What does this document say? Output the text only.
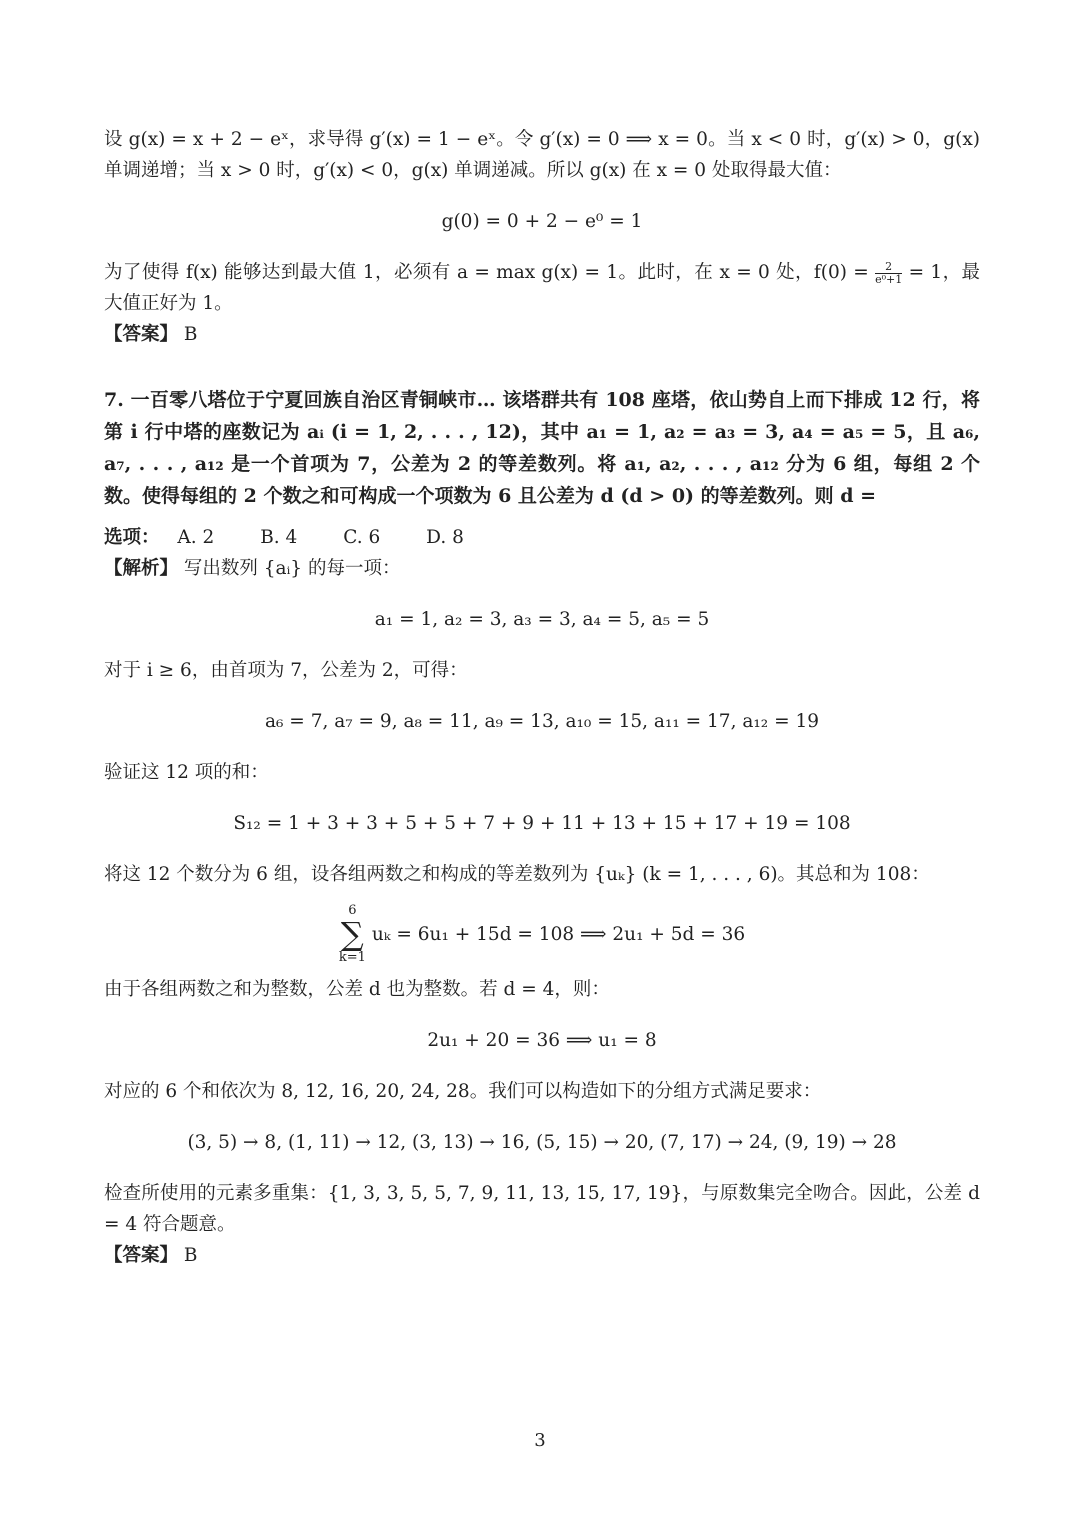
设 g(x) = x + 2 − eˣ，求导得 g′(x) = 1 − eˣ。令 g′(x) = 0 ⟹ x = 0。当 x < 0 时，g′(x) > 0，g(x) 单调递增；当 x > 0 时，g′(x) < 0，g(x) 单调递减。所以 g(x) 在 x = 0 处取得最大值：

g(0) = 0 + 2 − e⁰ = 1

为了使得 f(x) 能够达到最大值 1，必须有 a = max g(x) = 1。此时，在 x = 0 处，$f(0) = \frac{2}{\text{e⁰+1}} = 1$，最大值正好为 1。

【答案】 B

7. 一百零八塔位于宁夏回族自治区青铜峡市… 该塔群共有 108 座塔，依山势自上而下排成 12 行，将第 i 行中塔的座数记为 aᵢ (i = 1, 2, . . . , 12)，其中 a₁ = 1, a₂ = a₃ = 3, a₄ = a₅ = 5，且 a₆, a₇, . . . , a₁₂ 是一个首项为 7，公差为 2 的等差数列。将 a₁, a₂, . . . , a₁₂ 分为 6 组，每组 2 个数。使得每组的 2 个数之和可构成一个项数为 6 且公差为 d (d > 0) 的等差数列。则 d =

选项： A. 2 B. 4 C. 6 D. 8

【解析】 写出数列 {aᵢ} 的每一项：

a₁ = 1, a₂ = 3, a₃ = 3, a₄ = 5, a₅ = 5

对于 i ≥ 6，由首项为 7，公差为 2，可得：

a₆ = 7, a₇ = 9, a₈ = 11, a₉ = 13, a₁₀ = 15, a₁₁ = 17, a₁₂ = 19

验证这 12 项的和：

S₁₂ = 1 + 3 + 3 + 5 + 5 + 7 + 9 + 11 + 13 + 15 + 17 + 19 = 108

将这 12 个数分为 6 组，设各组两数之和构成的等差数列为 {uₖ} (k = 1, . . . , 6)。其总和为 108：

6
∑
k=1
uₖ = 6u₁ + 15d = 108 ⟹ 2u₁ + 5d = 36

由于各组两数之和为整数，公差 d 也为整数。若 d = 4，则：

2u₁ + 20 = 36 ⟹ u₁ = 8

对应的 6 个和依次为 8, 12, 16, 20, 24, 28。我们可以构造如下的分组方式满足要求：

(3, 5) → 8, (1, 11) → 12, (3, 13) → 16, (5, 15) → 20, (7, 17) → 24, (9, 19) → 28

检查所使用的元素多重集：{1, 3, 3, 5, 5, 7, 9, 11, 13, 15, 17, 19}，与原数集完全吻合。因此，公差 d = 4 符合题意。

【答案】 B

3
